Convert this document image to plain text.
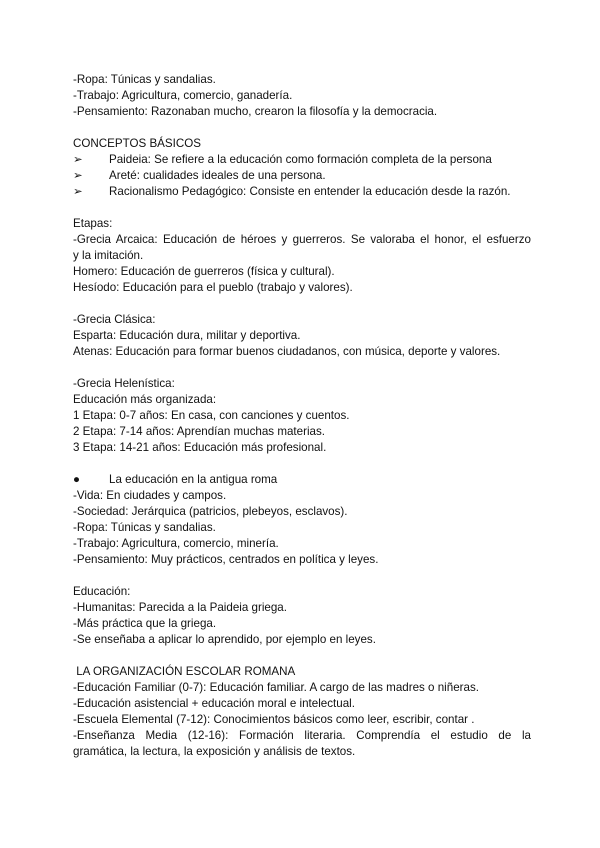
-Ropa: Túnicas y sandalias.
-Trabajo: Agricultura, comercio, ganadería.
-Pensamiento: Razonaban mucho, crearon la filosofía y la democracia.
CONCEPTOS BÁSICOS
➢	Paideia: Se refiere a la educación como formación completa de la persona
➢	Areté: cualidades ideales de una persona.
➢	Racionalismo Pedagógico: Consiste en entender la educación desde la razón.
Etapas:
-Grecia Arcaica: Educación de héroes y guerreros. Se valoraba el honor, el esfuerzo
y la imitación.
Homero: Educación de guerreros (física y cultural).
Hesíodo: Educación para el pueblo (trabajo y valores).
-Grecia Clásica:
Esparta: Educación dura, militar y deportiva.
Atenas: Educación para formar buenos ciudadanos, con música, deporte y valores.
-Grecia Helenística:
Educación más organizada:
1 Etapa: 0-7 años: En casa, con canciones y cuentos.
2 Etapa: 7-14 años: Aprendían muchas materias.
3 Etapa: 14-21 años: Educación más profesional.
●	La educación en la antigua roma
-Vida: En ciudades y campos.
-Sociedad: Jerárquica (patricios, plebeyos, esclavos).
-Ropa: Túnicas y sandalias.
-Trabajo: Agricultura, comercio, minería.
-Pensamiento: Muy prácticos, centrados en política y leyes.
Educación:
-Humanitas: Parecida a la Paideia griega.
-Más práctica que la griega.
-Se enseñaba a aplicar lo aprendido, por ejemplo en leyes.
LA ORGANIZACIÓN ESCOLAR ROMANA
-Educación Familiar (0-7): Educación familiar. A cargo de las madres o niñeras.
-Educación asistencial + educación moral e intelectual.
-Escuela Elemental (7-12): Conocimientos básicos como leer, escribir, contar .
-Enseñanza Media (12-16): Formación literaria. Comprendía el estudio de la
gramática, la lectura, la exposición y análisis de textos.
